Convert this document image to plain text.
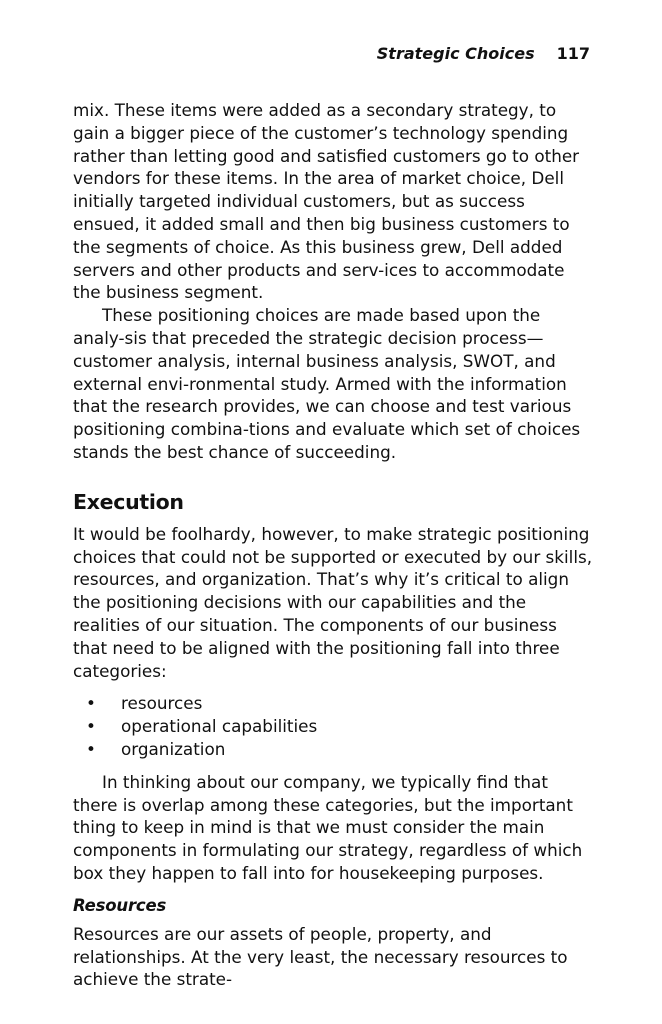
Strategic Choices 117

mix. These items were added as a secondary strategy, to gain a bigger piece of the customer’s technology spending rather than letting good and satisfied customers go to other vendors for these items. In the area of market choice, Dell initially targeted individual customers, but as success ensued, it added small and then big business customers to the segments of choice. As this business grew, Dell added servers and other products and serv-ices to accommodate the business segment.

These positioning choices are made based upon the analy-sis that preceded the strategic decision process—customer analysis, internal business analysis, SWOT, and external envi-ronmental study. Armed with the information that the research provides, we can choose and test various positioning combina-tions and evaluate which set of choices stands the best chance of succeeding.

Execution

It would be foolhardy, however, to make strategic positioning choices that could not be supported or executed by our skills, resources, and organization. That’s why it’s critical to align the positioning decisions with our capabilities and the realities of our situation. The components of our business that need to be aligned with the positioning fall into three categories:

• resources
• operational capabilities
• organization

In thinking about our company, we typically find that there is overlap among these categories, but the important thing to keep in mind is that we must consider the main components in formulating our strategy, regardless of which box they happen to fall into for housekeeping purposes.

Resources

Resources are our assets of people, property, and relationships. At the very least, the necessary resources to achieve the strate-
